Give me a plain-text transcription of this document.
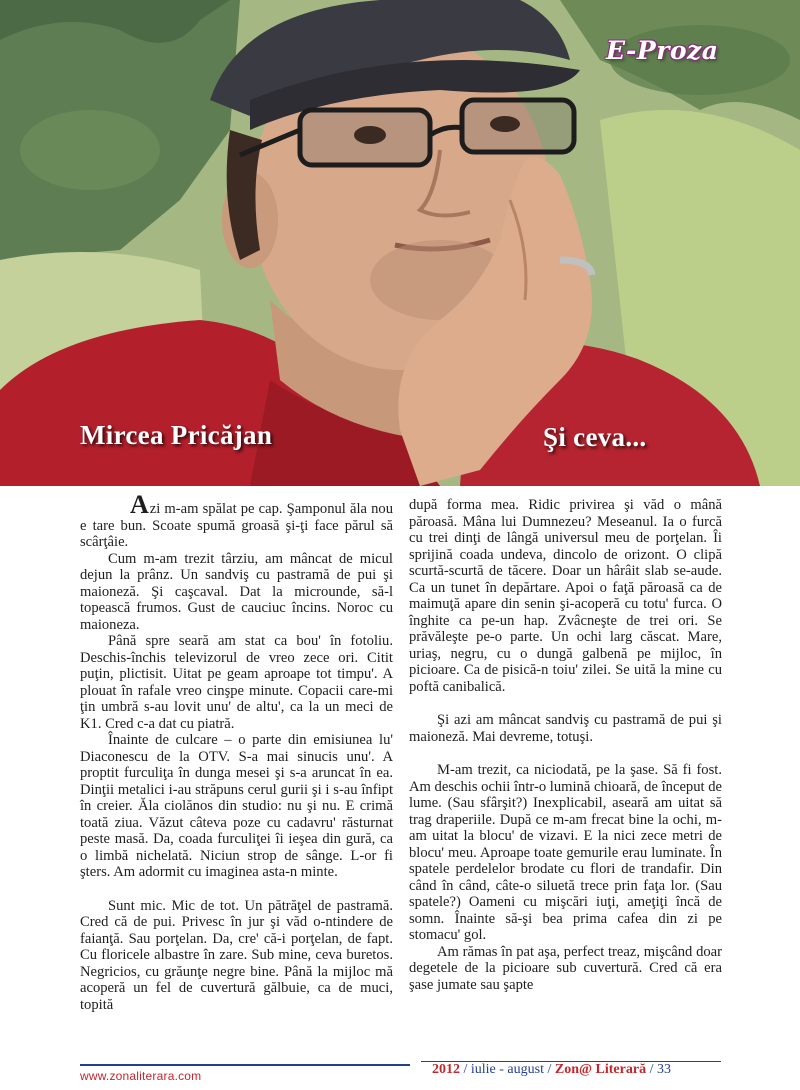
E-Proza
Mircea Pricăjan	Şi ceva...

Azi m-am spălat pe cap. Şamponul ăla nou e tare bun. Scoate spumă groasă şi-ţi face părul să scârţâie.

Cum m-am trezit târziu, am mâncat de micul dejun la prânz. Un sandviş cu pastramă de pui şi maioneză. Şi caşcaval. Dat la microunde, să-l topească frumos. Gust de cauciuc încins. Noroc cu maioneza.

Până spre seară am stat ca bou' în fotoliu. Deschis-închis televizorul de vreo zece ori. Citit puţin, plictisit. Uitat pe geam aproape tot timpu'. A plouat în rafale vreo cinşpe minute. Copacii care-mi ţin umbră s-au lovit unu' de altu', ca la un meci de K1. Cred c-a dat cu piatră.

Înainte de culcare – o parte din emisiunea lu' Diaconescu de la OTV. S-a mai sinucis unu'. A proptit furculiţa în dunga mesei şi s-a aruncat în ea. Dinţii metalici i-au străpuns cerul gurii şi i s-au înfipt în creier. Ăla ciolănos din studio: nu şi nu. E crimă toată ziua. Văzut câteva poze cu cadavru' răsturnat peste masă. Da, coada furculiţei îi ieşea din gură, ca o limbă nichelată. Niciun strop de sânge. L-or fi şters. Am adormit cu imaginea asta-n minte.

Sunt mic. Mic de tot. Un pătrăţel de pastramă. Cred că de pui. Privesc în jur şi văd o-ntindere de faianţă. Sau porţelan. Da, cre' că-i porţelan, de fapt. Cu floricele albastre în zare. Sub mine, ceva buretos. Negricios, cu grăunţe negre bine. Până la mijloc mă acoperă un fel de cuvertură gălbuie, ca de muci, topită

după forma mea. Ridic privirea şi văd o mână păroasă. Mâna lui Dumnezeu? Meseanul. Ia o furcă cu trei dinţi de lângă universul meu de porţelan. Îi sprijină coada undeva, dincolo de orizont. O clipă scurtă-scurtă de tăcere. Doar un hârâit slab se-aude. Ca un tunet în depărtare. Apoi o faţă păroasă ca de maimuţă apare din senin şi-acoperă cu totu' furca. O înghite ca pe-un hap. Zvâcneşte de trei ori. Se prăvăleşte pe-o parte. Un ochi larg căscat. Mare, uriaş, negru, cu o dungă galbenă pe mijloc, în picioare. Ca de pisică-n toiu' zilei. Se uită la mine cu poftă canibalică.

Şi azi am mâncat sandviş cu pastramă de pui şi maioneză. Mai devreme, totuşi.

M-am trezit, ca niciodată, pe la şase. Să fi fost. Am deschis ochii într-o lumină chioară, de început de lume. (Sau sfârşit?) Inexplicabil, aseară am uitat să trag draperiile. După ce m-am frecat bine la ochi, m-am uitat la blocu' de vizavi. E la nici zece metri de blocu' meu. Aproape toate gemurile erau luminate. În spatele perdelelor brodate cu flori de trandafir. Din când în când, câte-o siluetă trece prin faţa lor. (Sau spatele?) Oameni cu mişcări iuţi, ameţiţi încă de somn. Înainte să-şi bea prima cafea din zi pe stomacu' gol.

Am rămas în pat aşa, perfect treaz, mişcând doar degetele de la picioare sub cuvertură. Cred că era şase jumate sau şapte

www.zonaliterara.com	2012 / iulie - august / Zon@ Literară / 33
